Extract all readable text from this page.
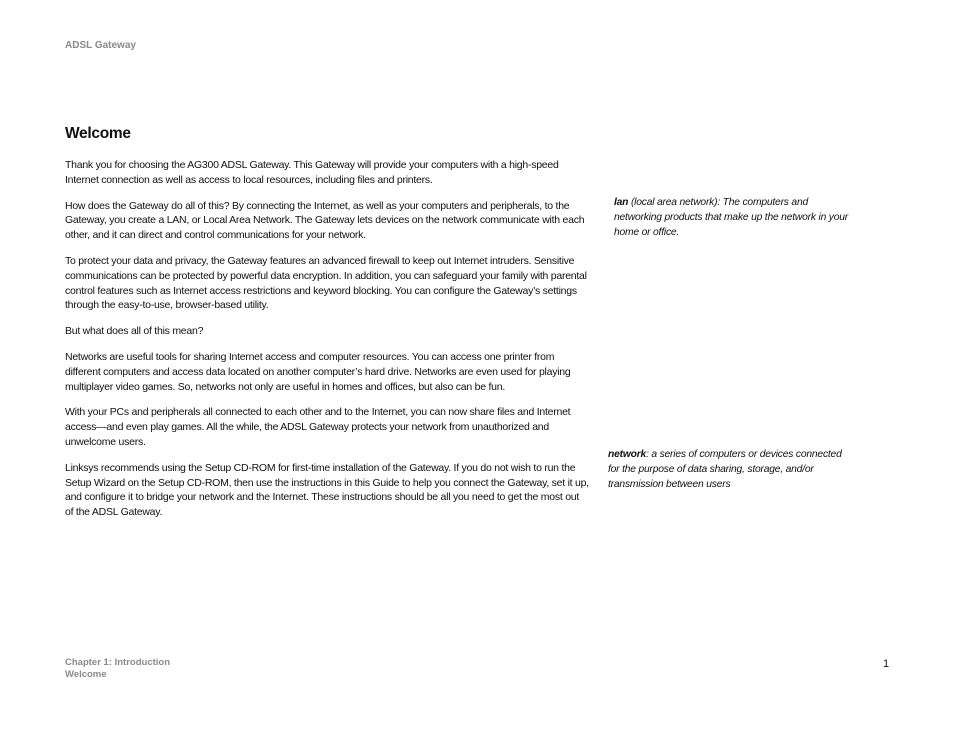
ADSL Gateway
Welcome

Thank you for choosing the AG300 ADSL Gateway. This Gateway will provide your computers with a high-speed Internet connection as well as access to local resources, including files and printers.

How does the Gateway do all of this? By connecting the Internet, as well as your computers and peripherals, to the Gateway, you create a LAN, or Local Area Network. The Gateway lets devices on the network communicate with each other, and it can direct and control communications for your network.

To protect your data and privacy, the Gateway features an advanced firewall to keep out Internet intruders. Sensitive communications can be protected by powerful data encryption. In addition, you can safeguard your family with parental control features such as Internet access restrictions and keyword blocking. You can configure the Gateway’s settings through the easy-to-use, browser-based utility.

But what does all of this mean?

Networks are useful tools for sharing Internet access and computer resources. You can access one printer from different computers and access data located on another computer’s hard drive. Networks are even used for playing multiplayer video games. So, networks not only are useful in homes and offices, but also can be fun.

With your PCs and peripherals all connected to each other and to the Internet, you can now share files and Internet access—and even play games. All the while, the ADSL Gateway protects your network from unauthorized and unwelcome users.

Linksys recommends using the Setup CD-ROM for first-time installation of the Gateway. If you do not wish to run the Setup Wizard on the Setup CD-ROM, then use the instructions in this Guide to help you connect the Gateway, set it up, and configure it to bridge your network and the Internet. These instructions should be all you need to get the most out of the ADSL Gateway.

lan (local area network): The computers and networking products that make up the network in your home or office.
network: a series of computers or devices connected for the purpose of data sharing, storage, and/or transmission between users
Chapter 1: Introduction
Welcome
1
